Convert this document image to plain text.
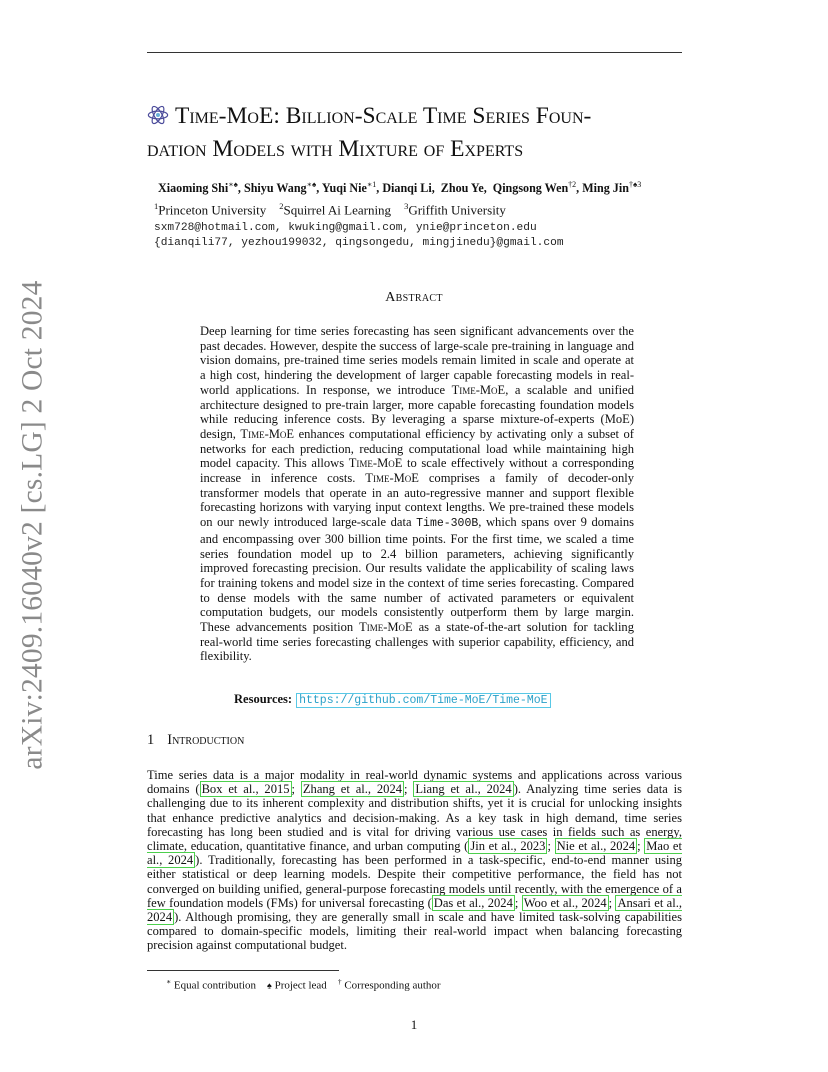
arXiv:2409.16040v2 [cs.LG] 2 Oct 2024
Time-MoE: Billion-Scale Time Series Foun-
dation Models with Mixture of Experts
Xiaoming Shi∗♠, Shiyu Wang∗♠, Yuqi Nie$^{∗1}$, Dianqi Li,  Zhou Ye,  Qingsong Wen$^{\dagger 2}$, Ming Jin$^{\dagger♠3}$
$^1$Princeton University $^2$Squirrel Ai Learning $^3$Griffith University
sxm728@hotmail.com, kwuking@gmail.com, ynie@princeton.edu
{dianqili77, yezhou199032, qingsongedu, mingjinedu}@gmail.com
Abstract
Deep learning for time series forecasting has seen significant advancements over the past decades. However, despite the success of large-scale pre-training in language and vision domains, pre-trained time series models remain limited in scale and operate at a high cost, hindering the development of larger capable forecasting models in real-world applications. In response, we introduce Time-MoE, a scalable and unified architecture designed to pre-train larger, more capable forecasting foundation models while reducing inference costs. By leveraging a sparse mixture-of-experts (MoE) design, Time-MoE enhances computational efficiency by activating only a subset of networks for each prediction, reducing computational load while maintaining high model capacity. This allows Time-MoE to scale effectively without a corresponding increase in inference costs. Time-MoE comprises a family of decoder-only transformer models that operate in an auto-regressive manner and support flexible forecasting horizons with varying input context lengths. We pre-trained these models on our newly introduced large-scale data Time-300B, which spans over 9 domains and encompassing over 300 billion time points. For the first time, we scaled a time series foundation model up to 2.4 billion parameters, achieving significantly improved forecasting precision. Our results validate the applicability of scaling laws for training tokens and model size in the context of time series forecasting. Compared to dense models with the same number of activated parameters or equivalent computation budgets, our models consistently outperform them by large margin. These advancements position Time-MoE as a state-of-the-art solution for tackling real-world time series forecasting challenges with superior capability, efficiency, and flexibility.
Resources: https://github.com/Time-MoE/Time-MoE
1 Introduction
Time series data is a major modality in real-world dynamic systems and applications across various domains ( Box et al., 2015 ; Zhang et al., 2024 ; Liang et al., 2024 ). Analyzing time series data is challenging due to its inherent complexity and distribution shifts, yet it is crucial for unlocking insights that enhance predictive analytics and decision-making. As a key task in high demand, time series forecasting has long been studied and is vital for driving various use cases in fields such as energy, climate, education, quantitative finance, and urban computing ( Jin et al., 2023 ; Nie et al., 2024 ; Mao et al., 2024 ). Traditionally, forecasting has been performed in a task-specific, end-to-end manner using either statistical or deep learning models. Despite their competitive performance, the field has not converged on building unified, general-purpose forecasting models until recently, with the emergence of a few foundation models (FMs) for universal forecasting ( Das et al., 2024 ; Woo et al., 2024 ; Ansari et al., 2024 ). Although promising, they are generally small in scale and have limited task-solving capabilities compared to domain-specific models, limiting their real-world impact when balancing forecasting precision against computational budget.
∗ Equal contribution ♠ Project lead † Corresponding author
1
